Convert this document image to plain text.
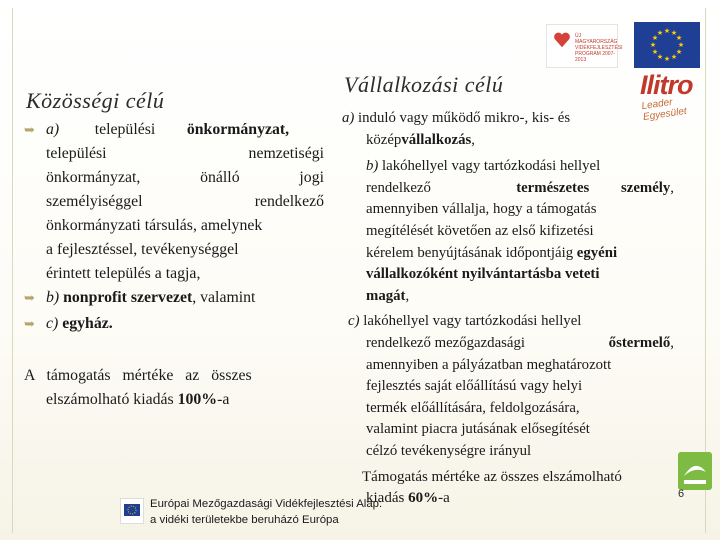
ÚJ MAGYARORSZÁG VIDÉKFEJLESZTÉSI PROGRAM 2007-2013
★ ★
★
★
★
★
★
★
★
★
★
★
Ilitro
Leader Egyesület
Közösségi célú
Vállalkozási célú

➥ a) települési önkormányzat,

települési	nemzetiségi

önkormányzat,	önálló	jogi

személyiséggel	rendelkező

önkormányzati társulás, amelynek

a fejlesztéssel, tevékenységgel

érintett település a tagja,

➥ b) nonprofit szervezet, valamint

➥ c) egyház.

A támogatás mértéke az összes

elszámolható kiadás 100%-a

a) induló vagy működő mikro-, kis- és

középvállalkozás,

b) lakóhellyel vagy tartózkodási hellyel

rendelkező	természetes személy,

amennyiben vállalja, hogy a támogatás

megítélését követően az első kifizetési

kérelem benyújtásának időpontjáig egyéni

vállalkozóként nyilvántartásba veteti

magát,

c) lakóhellyel vagy tartózkodási hellyel

rendelkező mezőgazdasági	őstermelő,

amennyiben a pályázatban meghatározott

fejlesztés saját előállítású vagy helyi

termék előállítására, feldolgozására,

valamint piacra jutásának elősegítését

célzó tevékenységre irányul

Támogatás mértéke az összes elszámolható

kiadás 60%-a

Európai Mezőgazdasági Vidékfejlesztési Alap:
a vidéki területekbe beruházó Európa
6
